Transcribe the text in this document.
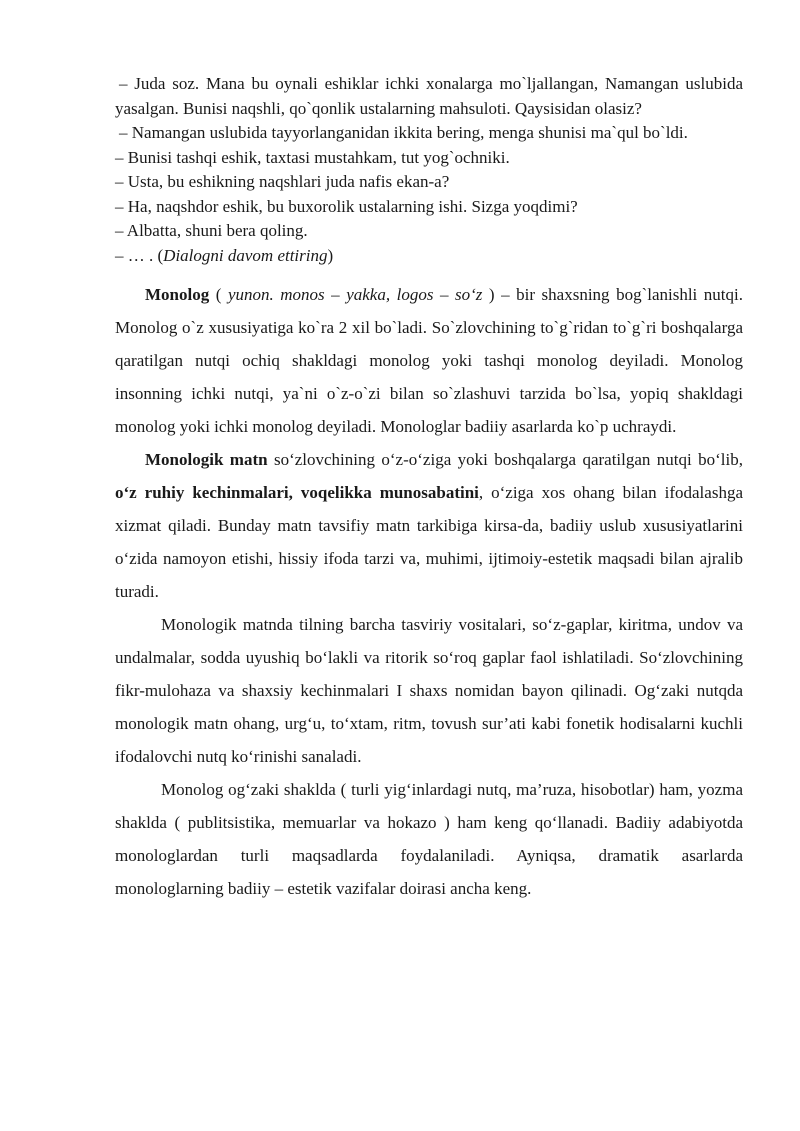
– Juda soz. Mana bu oynali eshiklar ichki xonalarga mo`ljallangan, Namangan uslubida yasalgan. Bunisi naqshli, qo`qonlik ustalarning mahsuloti. Qaysisidan olasiz?

– Namangan uslubida tayyorlanganidan ikkita bering, menga shunisi ma`qul bo`ldi.

– Bunisi tashqi eshik, taxtasi mustahkam, tut yog`ochniki.

– Usta, bu eshikning naqshlari juda nafis ekan-a?

– Ha, naqshdor eshik, bu buxorolik ustalarning ishi. Sizga yoqdimi?

– Albatta, shuni bera qoling.

– … . (Dialogni davom ettiring)

Monolog ( yunon. monos – yakka, logos – so‘z ) – bir shaxsning bog`lanishli nutqi. Monolog o`z xususiyatiga ko`ra 2 xil bo`ladi. So`zlovchining to`g`ridan to`g`ri boshqalarga qaratilgan nutqi ochiq shakldagi monolog yoki tashqi monolog deyiladi. Monolog insonning ichki nutqi, ya`ni o`z-o`zi bilan so`zlashuvi tarzida bo`lsa, yopiq shakldagi monolog yoki ichki monolog deyiladi. Monologlar badiiy asarlarda ko`p uchraydi.

Monologik matn so‘zlovchining o‘z-o‘ziga yoki boshqalarga qaratilgan nutqi bo‘lib, o‘z ruhiy kechinmalari, voqelikka munosabatini, o‘ziga xos ohang bilan ifodalashga xizmat qiladi. Bunday matn tavsifiy matn tarkibiga kirsa-da, badiiy uslub xususiyatlarini o‘zida namoyon etishi, hissiy ifoda tarzi va, muhimi, ijtimoiy-estetik maqsadi bilan ajralib turadi.

Monologik matnda tilning barcha tasviriy vositalari, so‘z-gaplar, kiritma, undov va undalmalar, sodda uyushiq bo‘lakli va ritorik so‘roq gaplar faol ishlatiladi. So‘zlovchining fikr-mulohaza va shaxsiy kechinmalari I shaxs nomidan bayon qilinadi. Og‘zaki nutqda monologik matn ohang, urg‘u, to‘xtam, ritm, tovush sur’ati kabi fonetik hodisalarni kuchli ifodalovchi nutq ko‘rinishi sanaladi.

Monolog og‘zaki shaklda ( turli yig‘inlardagi nutq, ma’ruza, hisobotlar) ham, yozma shaklda ( publitsistika, memuarlar va hokazo ) ham keng qo‘llanadi. Badiiy adabiyotda monologlardan turli maqsadlarda foydalaniladi. Ayniqsa, dramatik asarlarda monologlarning badiiy – estetik vazifalar doirasi ancha keng.
